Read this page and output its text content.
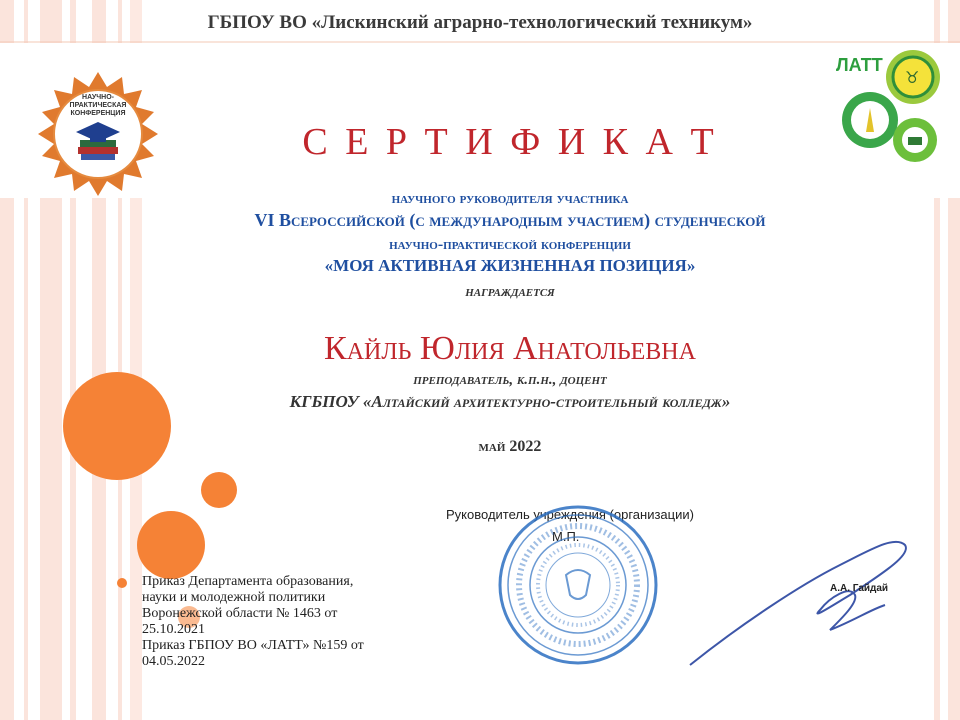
ГБПОУ ВО «Лискинский аграрно-технологический техникум»
НАУЧНО-
ПРАКТИЧЕСКАЯ
КОНФЕРЕНЦИЯ
♉
ЛАТТ
С Е Р Т И Ф И К А Т
научного руководителя участника
VI Всероссийской (с международным участием) студенческой
научно-практической конференции
«МОЯ АКТИВНАЯ ЖИЗНЕННАЯ ПОЗИЦИЯ»
награждается
Кайль Юлия Анатольевна
преподаватель, к.п.н., доцент
КГБПОУ «Алтайский архитектурно-строительный колледж»
май 2022
Руководитель учреждения (организации)
М.П.
А.А. Гайдай
Приказ Департамента образования,
науки и молодежной политики
Воронежской области № 1463 от
25.10.2021
Приказ ГБПОУ ВО «ЛАТТ» №159 от
04.05.2022
